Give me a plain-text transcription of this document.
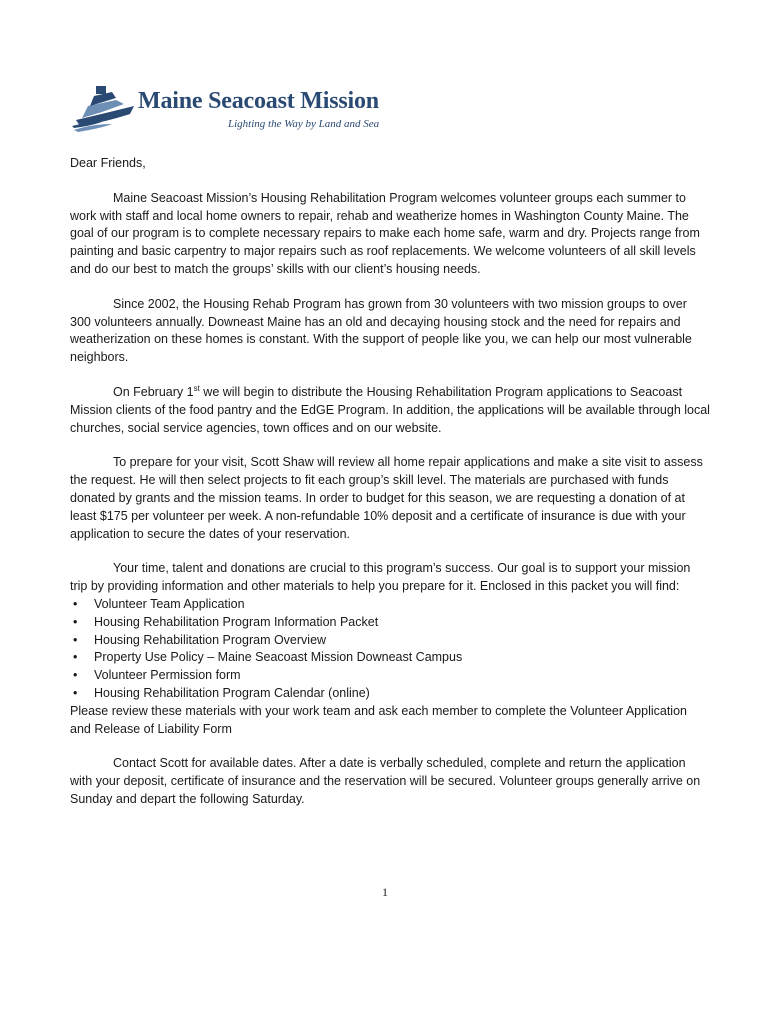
Maine Seacoast Mission
Lighting the Way by Land and Sea

Dear Friends,

Maine Seacoast Mission’s Housing Rehabilitation Program welcomes volunteer groups each summer to work with staff and local home owners to repair, rehab and weatherize homes in Washington County Maine. The goal of our program is to complete necessary repairs to make each home safe, warm and dry. Projects range from painting and basic carpentry to major repairs such as roof replacements. We welcome volunteers of all skill levels and do our best to match the groups’ skills with our client’s housing needs.

Since 2002, the Housing Rehab Program has grown from 30 volunteers with two mission groups to over 300 volunteers annually. Downeast Maine has an old and decaying housing stock and the need for repairs and weatherization on these homes is constant. With the support of people like you, we can help our most vulnerable neighbors.

On February 1st we will begin to distribute the Housing Rehabilitation Program applications to Seacoast Mission clients of the food pantry and the EdGE Program. In addition, the applications will be available through local churches, social service agencies, town offices and on our website.

To prepare for your visit, Scott Shaw will review all home repair applications and make a site visit to assess the request. He will then select projects to fit each group’s skill level. The materials are purchased with funds donated by grants and the mission teams. In order to budget for this season, we are requesting a donation of at least $175 per volunteer per week. A non-refundable 10% deposit and a certificate of insurance is due with your application to secure the dates of your reservation.

Your time, talent and donations are crucial to this program’s success. Our goal is to support your mission trip by providing information and other materials to help you prepare for it. Enclosed in this packet you will find:

• Volunteer Team Application
• Housing Rehabilitation Program Information Packet
• Housing Rehabilitation Program Overview
• Property Use Policy – Maine Seacoast Mission Downeast Campus
• Volunteer Permission form
• Housing Rehabilitation Program Calendar (online)

Please review these materials with your work team and ask each member to complete the Volunteer Application and Release of Liability Form

Contact Scott for available dates. After a date is verbally scheduled, complete and return the application with your deposit, certificate of insurance and the reservation will be secured. Volunteer groups generally arrive on Sunday and depart the following Saturday.

1
